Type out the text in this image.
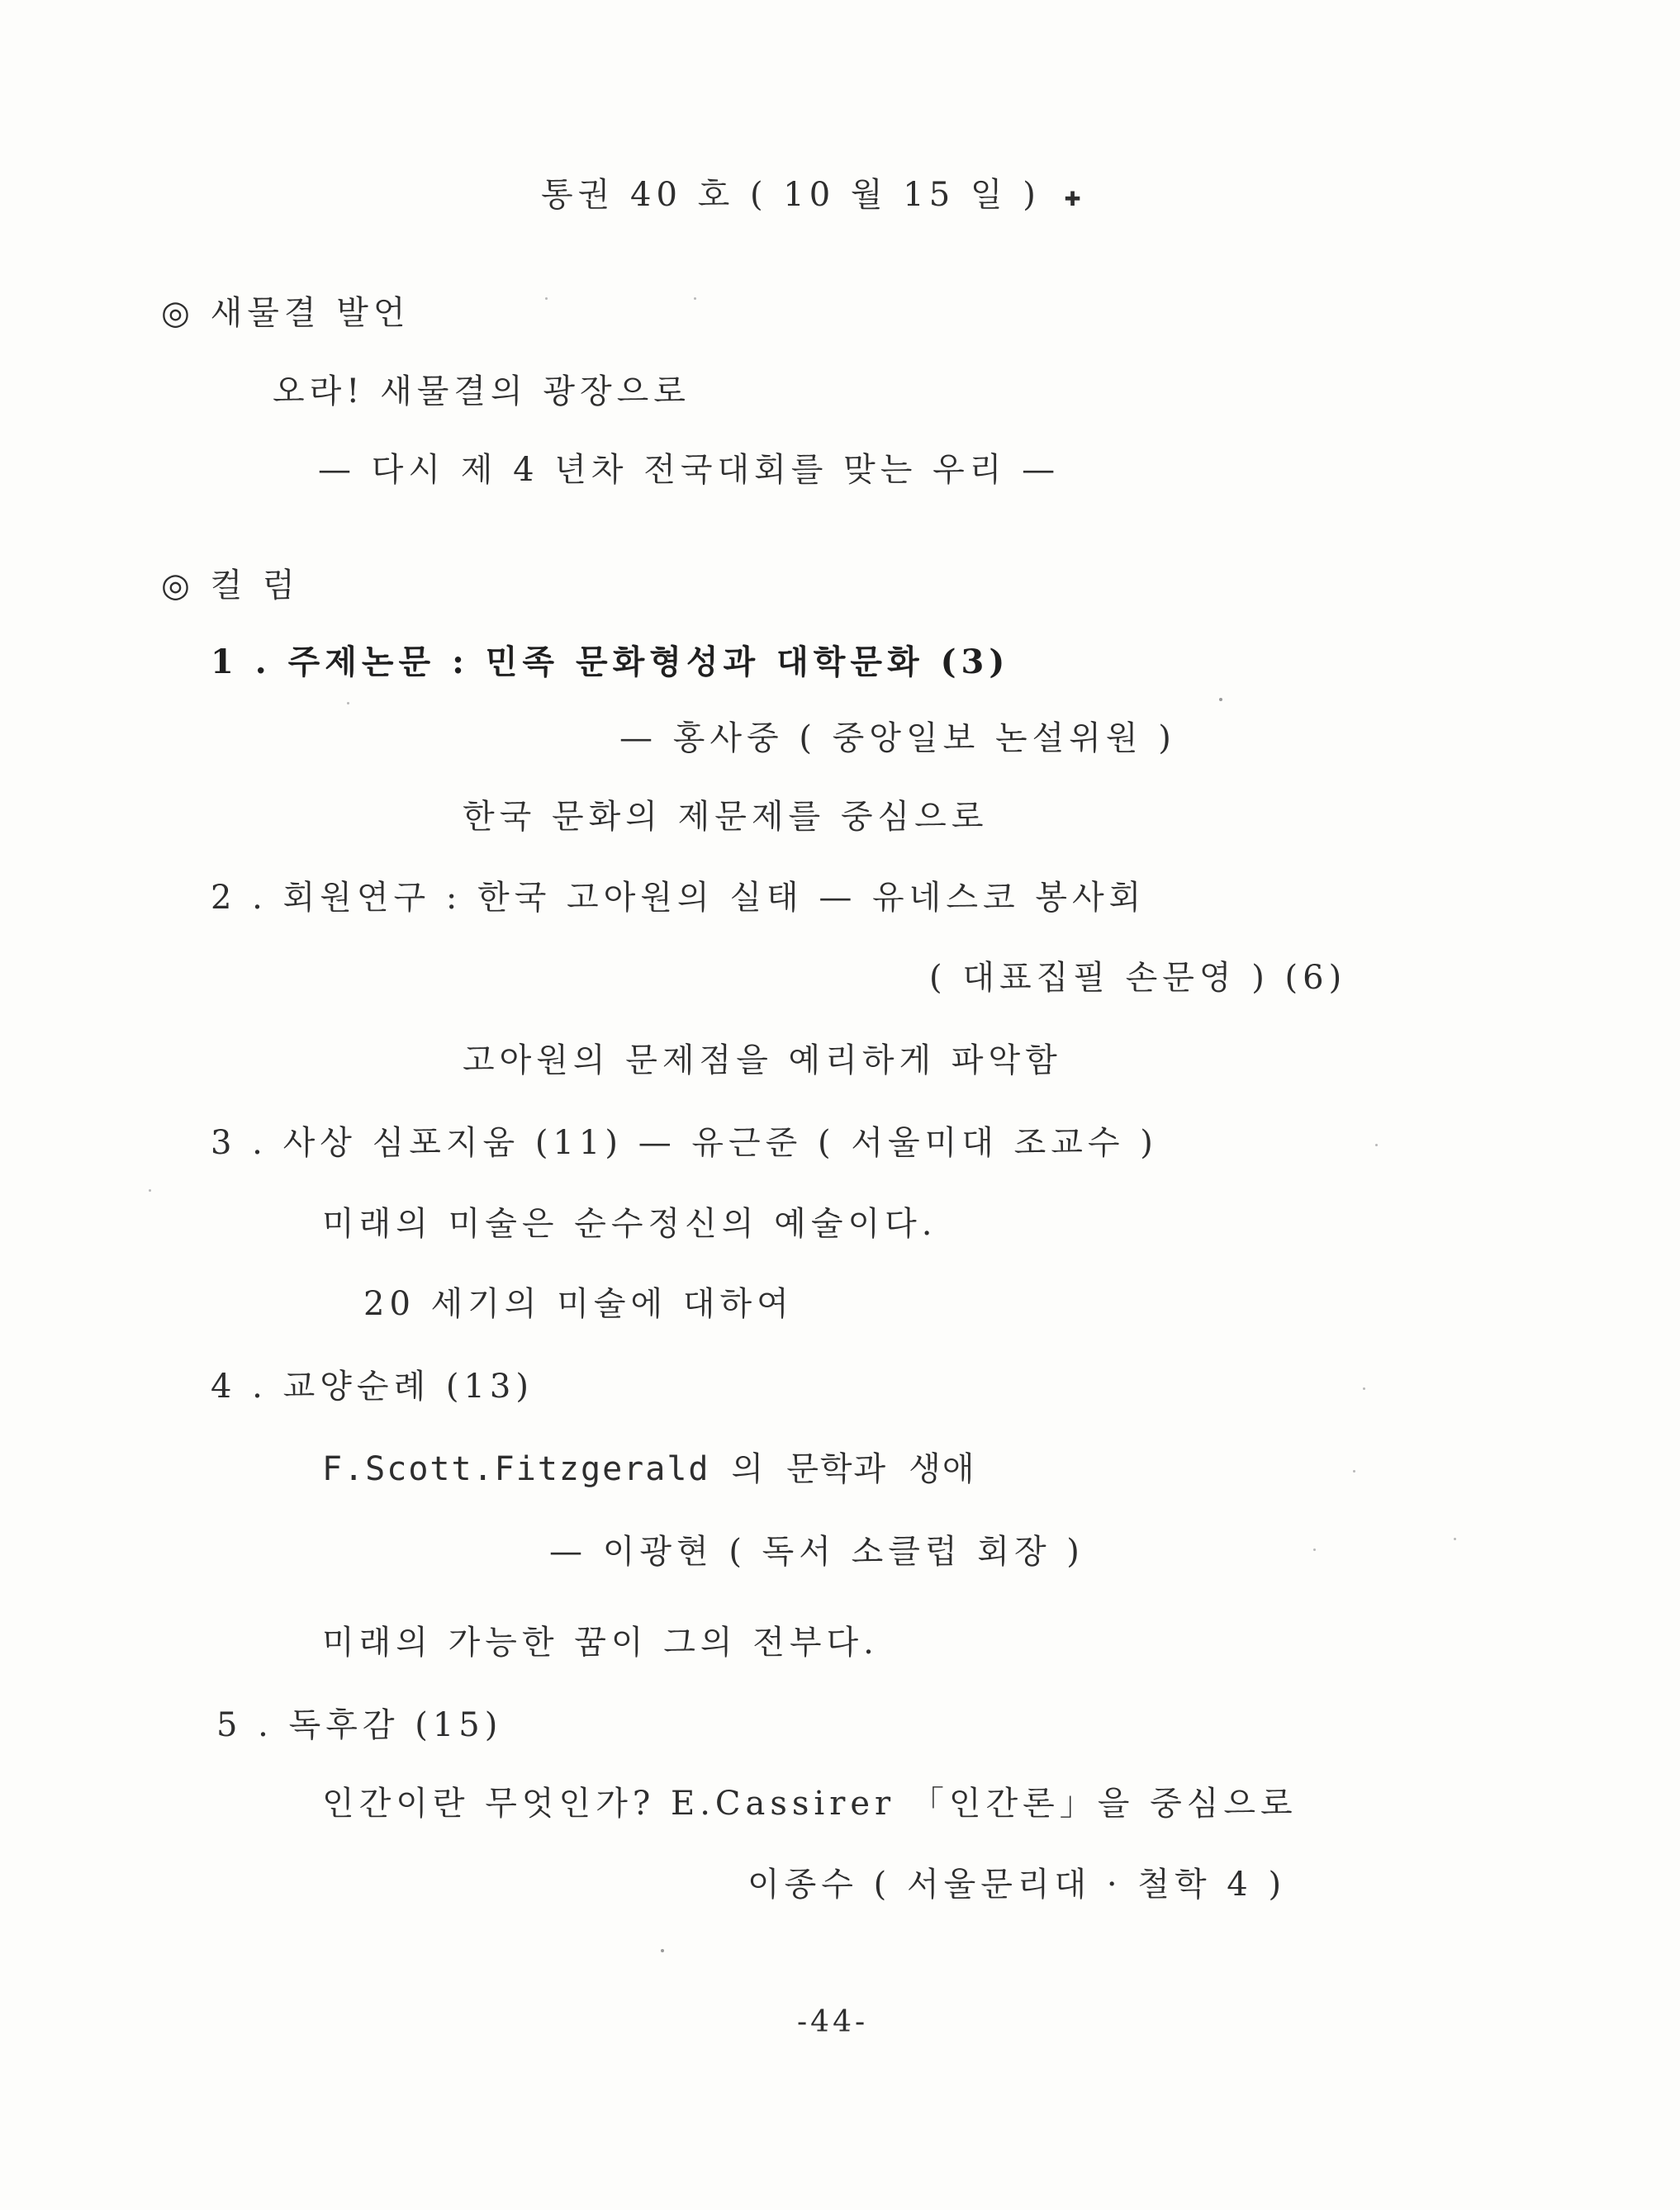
통권 40 호 ( 10 월 15 일 ) ✚
◎ 새물결 발언
오라! 새물결의 광장으로
— 다시 제 4 년차 전국대회를 맞는 우리 —
◎ 컬 럼
1 . 주제논문 : 민족 문화형성과 대학문화 (3)
— 홍사중 ( 중앙일보 논설위원 )
한국 문화의 제문제를 중심으로
2 . 회원연구 : 한국 고아원의 실태 — 유네스코 봉사회
( 대표집필 손문영 ) (6)
고아원의 문제점을 예리하게 파악함
3 . 사상 심포지움 (11) — 유근준 ( 서울미대 조교수 )
미래의 미술은 순수정신의 예술이다.
20 세기의 미술에 대하여
4 . 교양순례 (13)
F.Scott.Fitzgerald 의 문학과 생애
— 이광현 ( 독서 소클럽 회장 )
미래의 가능한 꿈이 그의 전부다.
5 . 독후감 (15)
인간이란 무엇인가? E.Cassirer 「인간론」을 중심으로
이종수 ( 서울문리대 · 철학 4 )
-44-
